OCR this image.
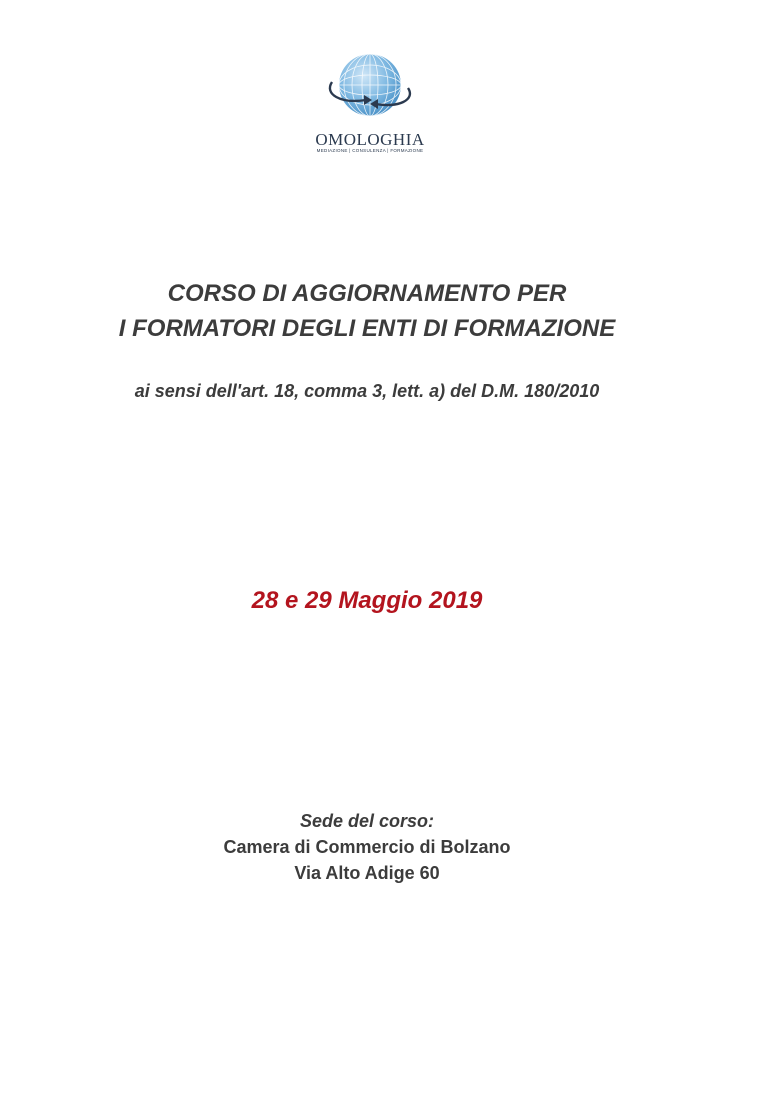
OMOLOGHIA
MEDIAZIONE | CONSULENZA | FORMAZIONE
CORSO DI AGGIORNAMENTO PER
I FORMATORI DEGLI ENTI DI FORMAZIONE
ai sensi dell'art. 18, comma 3, lett. a) del D.M. 180/2010
28 e 29 Maggio 2019
Sede del corso:
Camera di Commercio di Bolzano
Via Alto Adige 60
